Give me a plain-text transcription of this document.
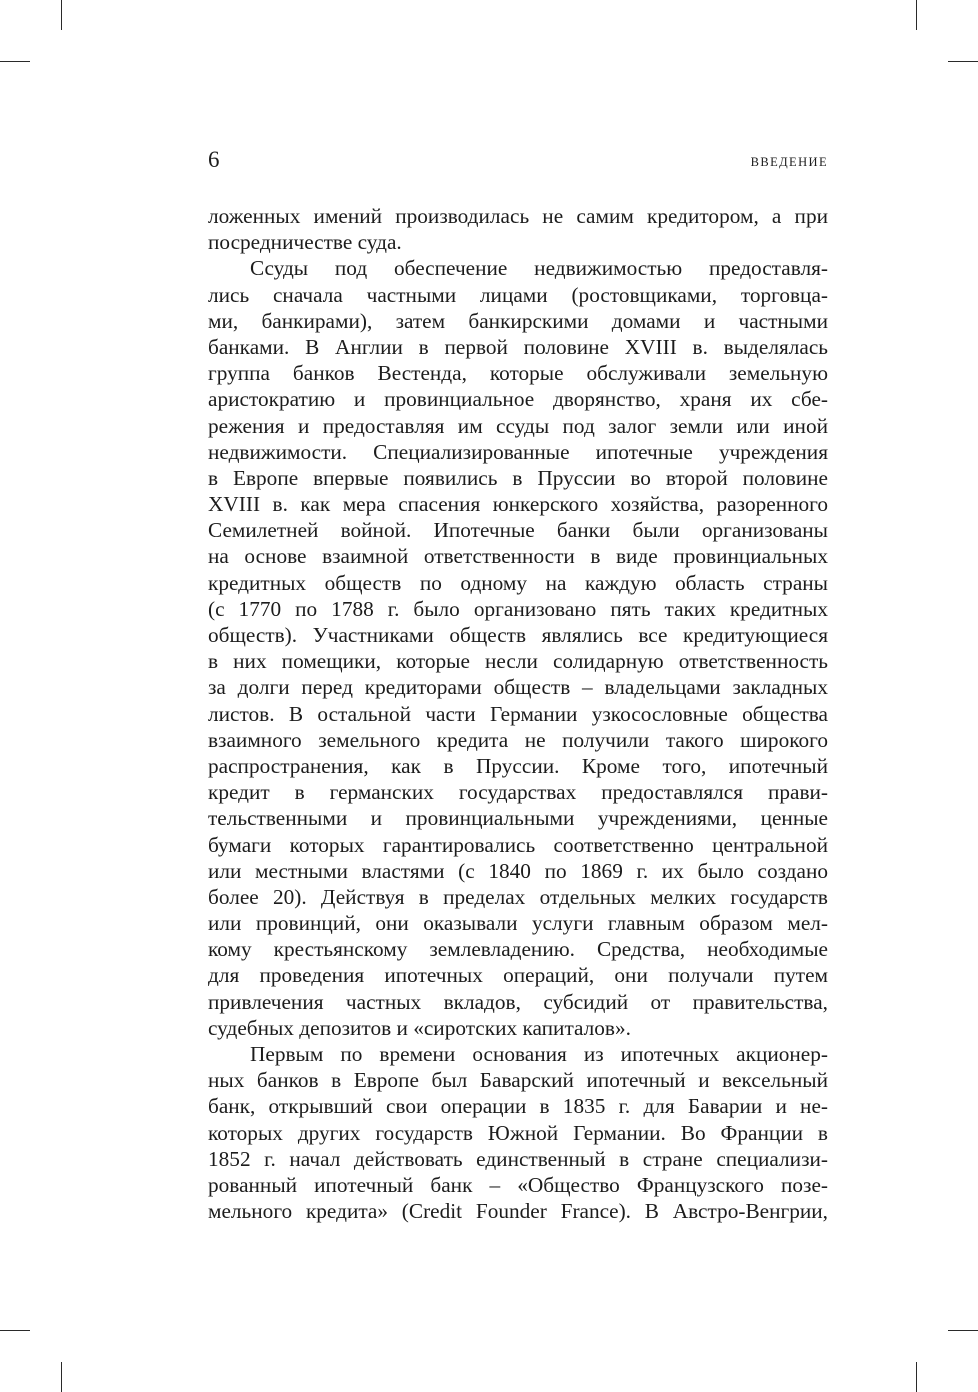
6	ВВЕДЕНИЕ
ложенных имений производилась не самим кредитором, а при
посредничестве суда.
Ссуды под обеспечение недвижимостью предоставля-
лись сначала частными лицами (ростовщиками, торговца-
ми, банкирами), затем банкирскими домами и частными
банками. В Англии в первой половине XVIII в. выделялась
группа банков Вестенда, которые обслуживали земельную
аристократию и провинциальное дворянство, храня их сбе-
режения и предоставляя им ссуды под залог земли или иной
недвижимости. Специализированные ипотечные учреждения
в Европе впервые появились в Пруссии во второй половине
XVIII в. как мера спасения юнкерского хозяйства, разоренного
Семилетней войной. Ипотечные банки были организованы
на основе взаимной ответственности в виде провинциальных
кредитных обществ по одному на каждую область страны
(с 1770 по 1788 г. было организовано пять таких кредитных
обществ). Участниками обществ являлись все кредитующиеся
в них помещики, которые несли солидарную ответственность
за долги перед кредиторами обществ – владельцами закладных
листов. В остальной части Германии узкосословные общества
взаимного земельного кредита не получили такого широкого
распространения, как в Пруссии. Кроме того, ипотечный
кредит в германских государствах предоставлялся прави-
тельственными и провинциальными учреждениями, ценные
бумаги которых гарантировались соответственно центральной
или местными властями (с 1840 по 1869 г. их было создано
более 20). Действуя в пределах отдельных мелких государств
или провинций, они оказывали услуги главным образом мел-
кому крестьянскому землевладению. Средства, необходимые
для проведения ипотечных операций, они получали путем
привлечения частных вкладов, субсидий от правительства,
судебных депозитов и «сиротских капиталов».
Первым по времени основания из ипотечных акционер-
ных банков в Европе был Баварский ипотечный и вексельный
банк, открывший свои операции в 1835 г. для Баварии и не-
которых других государств Южной Германии. Во Франции в
1852 г. начал действовать единственный в стране специализи-
рованный ипотечный банк – «Общество Французского позе-
мельного кредита» (Credit Founder France). В Австро-Венгрии,
